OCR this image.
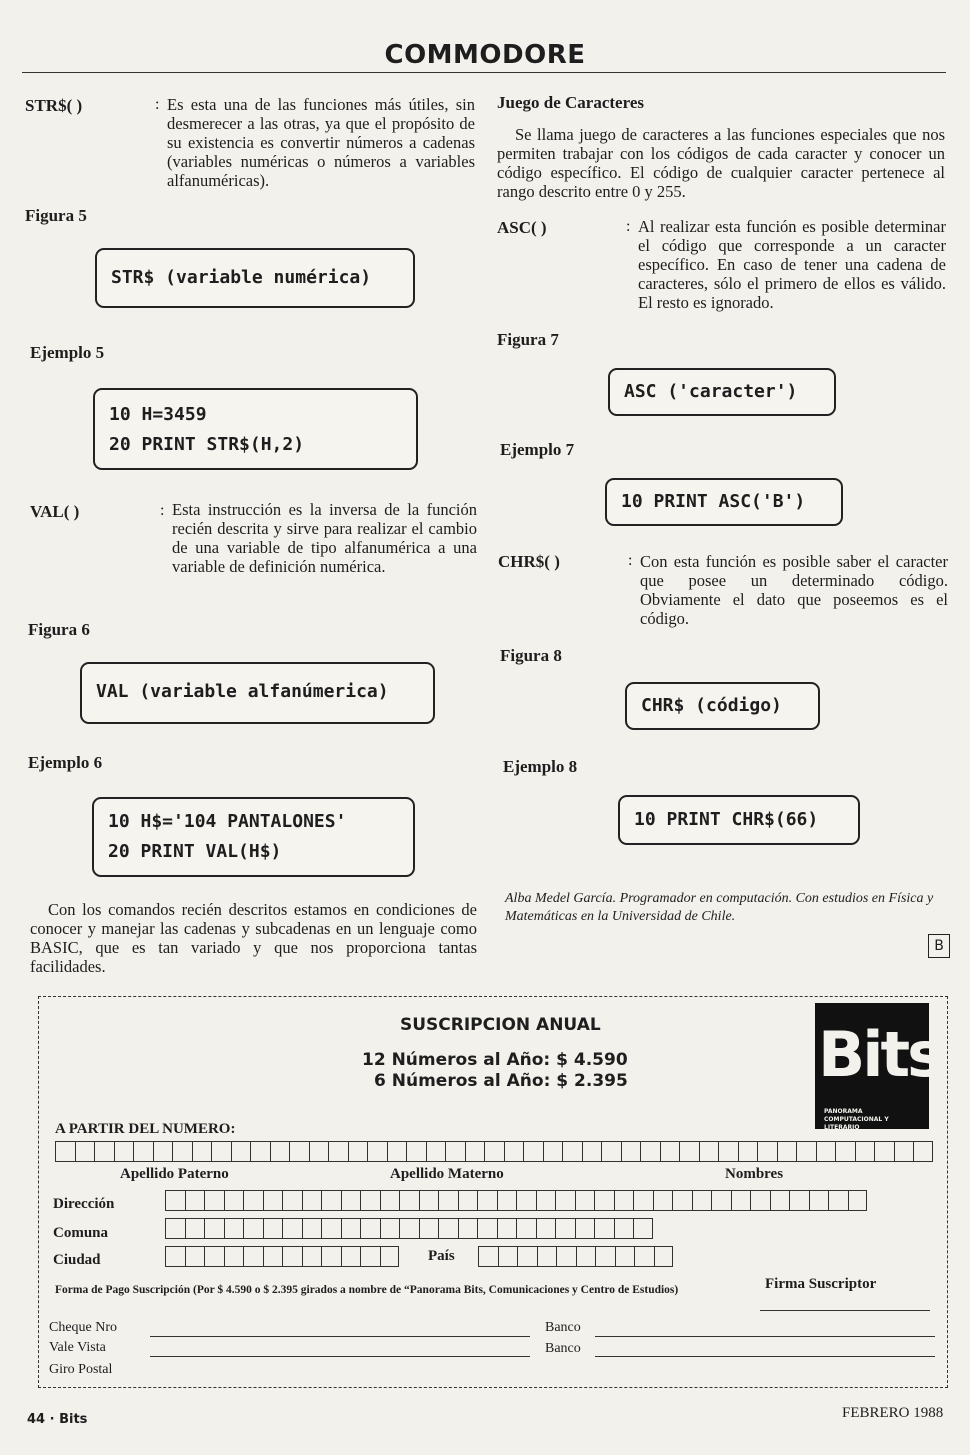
COMMODORE
STR$( )	: Es esta una de las funciones más útiles, sin desmerecer a las otras, ya que el propósito de su existencia es convertir números a cadenas (variables numéricas o números a variables alfanuméricas).
Figura 5
STR$ (variable numérica)
Ejemplo 5
10 H=3459
20 PRINT STR$(H,2)
VAL( )	: Esta instrucción es la inversa de la función recién descrita y sirve para realizar el cambio de una variable de tipo alfanumérica a una variable de definición numérica.
Figura 6
VAL (variable alfanúmerica)
Ejemplo 6
10 H$='104 PANTALONES'
20 PRINT VAL(H$)
Con los comandos recién descritos estamos en condiciones de conocer y manejar las cadenas y subcadenas en un lenguaje como BASIC, que es tan variado y que nos proporciona tantas facilidades.
Juego de Caracteres
Se llama juego de caracteres a las funciones especiales que nos permiten trabajar con los códigos de cada caracter y conocer un código específico. El código de cualquier caracter pertenece al rango descrito entre 0 y 255.
ASC( )	: Al realizar esta función es posible determinar el código que corresponde a un caracter específico. En caso de tener una cadena de caracteres, sólo el primero de ellos es válido. El resto es ignorado.
Figura 7
ASC ('caracter')
Ejemplo 7
10 PRINT ASC('B')
CHR$( )	: Con esta función es posible saber el caracter que posee un determinado código. Obviamente el dato que poseemos es el código.
Figura 8
CHR$ (código)
Ejemplo 8
10 PRINT CHR$(66)
Alba Medel García. Programador en computación. Con estudios en Física y Matemáticas en la Universidad de Chile.
B
SUSCRIPCION ANUAL
12 Números al Año: $ 4.590
6 Números al Año: $ 2.395	Bits
PANORAMA
COMPUTACIONAL Y LITERARIO
A PARTIR DEL NUMERO:
Apellido Paterno	Apellido Materno	Nombres
Dirección
Comuna
Ciudad	País
Forma de Pago Suscripción (Por $ 4.590 o $ 2.395 girados a nombre de “Panorama Bits, Comunicaciones y Centro de Estudios)	Firma Suscriptor
Cheque Nro
Vale Vista
Giro Postal
Banco
Banco
44 · Bits	FEBRERO 1988
